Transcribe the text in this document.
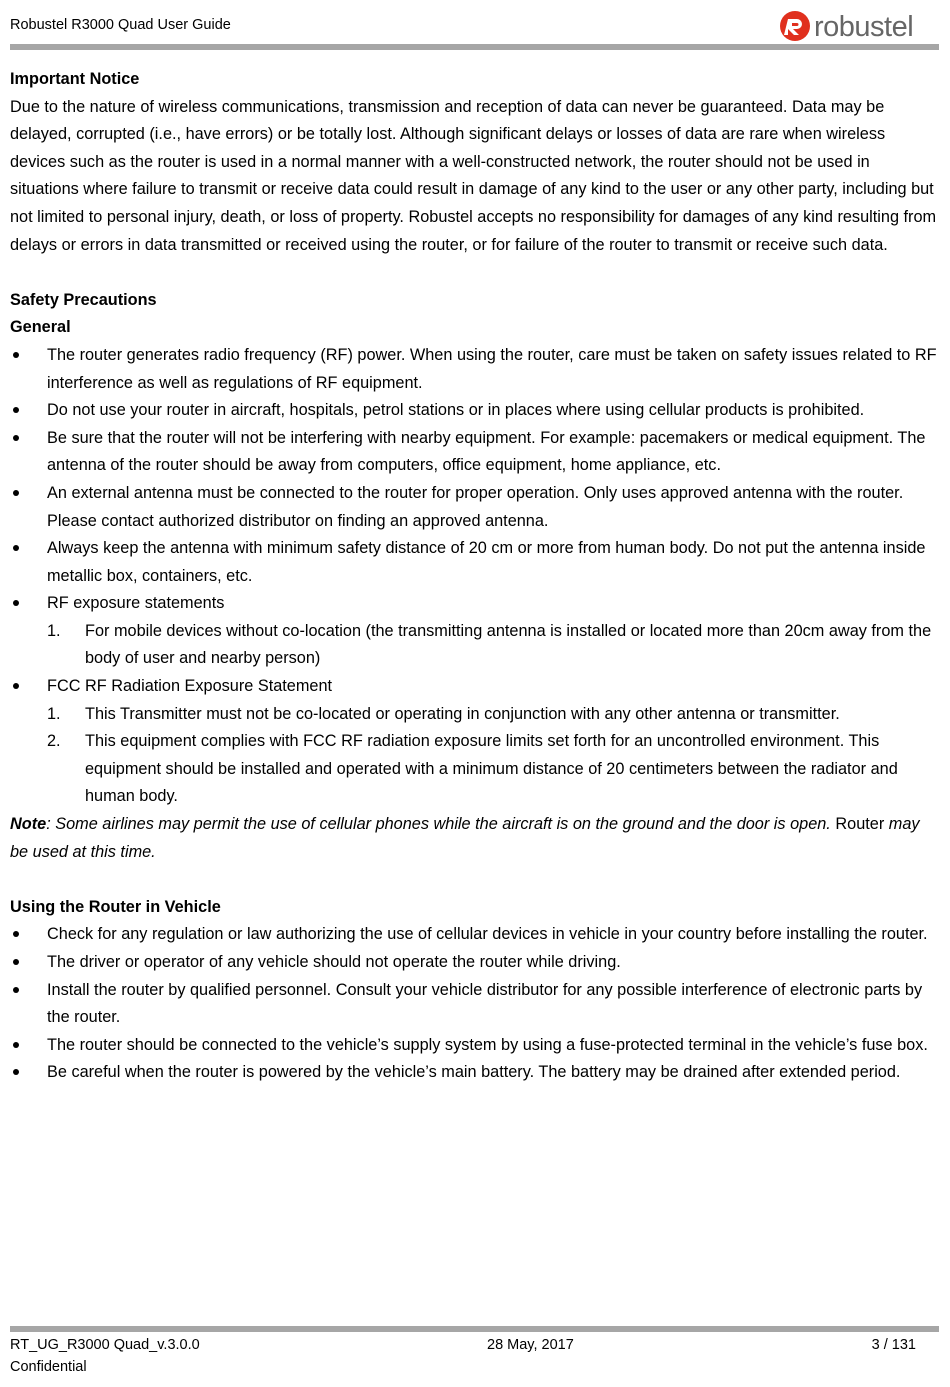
Robustel R3000 Quad User Guide	robustel

Important Notice

Due to the nature of wireless communications, transmission and reception of data can never be guaranteed. Data may be delayed, corrupted (i.e., have errors) or be totally lost. Although significant delays or losses of data are rare when wireless devices such as the router is used in a normal manner with a well-constructed network, the router should not be used in situations where failure to transmit or receive data could result in damage of any kind to the user or any other party, including but not limited to personal injury, death, or loss of property. Robustel accepts no responsibility for damages of any kind resulting from delays or errors in data transmitted or received using the router, or for failure of the router to transmit or receive such data.

Safety Precautions

General

The router generates radio frequency (RF) power. When using the router, care must be taken on safety issues related to RF interference as well as regulations of RF equipment.
Do not use your router in aircraft, hospitals, petrol stations or in places where using cellular products is prohibited.
Be sure that the router will not be interfering with nearby equipment. For example: pacemakers or medical equipment. The antenna of the router should be away from computers, office equipment, home appliance, etc.
An external antenna must be connected to the router for proper operation. Only uses approved antenna with the router. Please contact authorized distributor on finding an approved antenna.
Always keep the antenna with minimum safety distance of 20 cm or more from human body. Do not put the antenna inside metallic box, containers, etc.
RF exposure statements
1. For mobile devices without co-location (the transmitting antenna is installed or located more than 20cm away from the body of user and nearby person)
FCC RF Radiation Exposure Statement
1. This Transmitter must not be co-located or operating in conjunction with any other antenna or transmitter.
2. This equipment complies with FCC RF radiation exposure limits set forth for an uncontrolled environment. This equipment should be installed and operated with a minimum distance of 20 centimeters between the radiator and human body.

Note: Some airlines may permit the use of cellular phones while the aircraft is on the ground and the door is open. Router may be used at this time.

Using the Router in Vehicle

Check for any regulation or law authorizing the use of cellular devices in vehicle in your country before installing the router.
The driver or operator of any vehicle should not operate the router while driving.
Install the router by qualified personnel. Consult your vehicle distributor for any possible interference of electronic parts by the router.
The router should be connected to the vehicle’s supply system by using a fuse-protected terminal in the vehicle’s fuse box.
Be careful when the router is powered by the vehicle’s main battery. The battery may be drained after extended period.
RT_UG_R3000 Quad_v.3.0.0	28 May, 2017	3 / 131
Confidential
